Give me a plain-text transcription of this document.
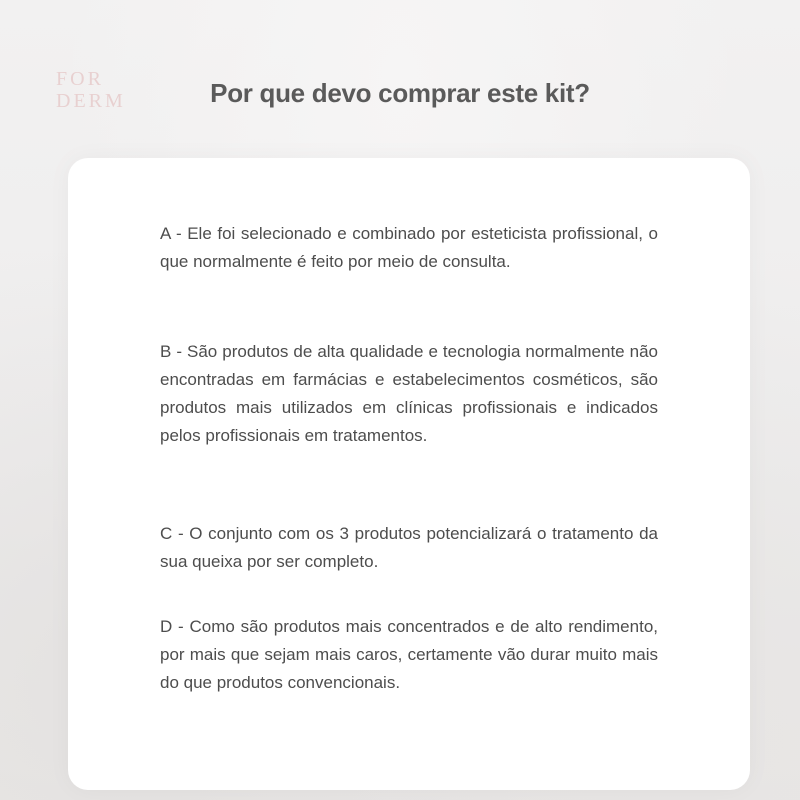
FOR
DERM	Por que devo comprar este kit?

A - Ele foi selecionado e combinado por esteticista profissional, o que normalmente é feito por meio de consulta.

B - São produtos de alta qualidade e tecnologia normalmente não encontradas em farmácias e estabelecimentos cosméticos, são produtos mais utilizados em clínicas profissionais e indicados pelos profissionais em tratamentos.

C - O conjunto com os 3 produtos potencializará o tratamento da sua queixa por ser completo.

D - Como são produtos mais concentrados e de alto rendimento, por mais que sejam mais caros, certamente vão durar muito mais do que produtos convencionais.
